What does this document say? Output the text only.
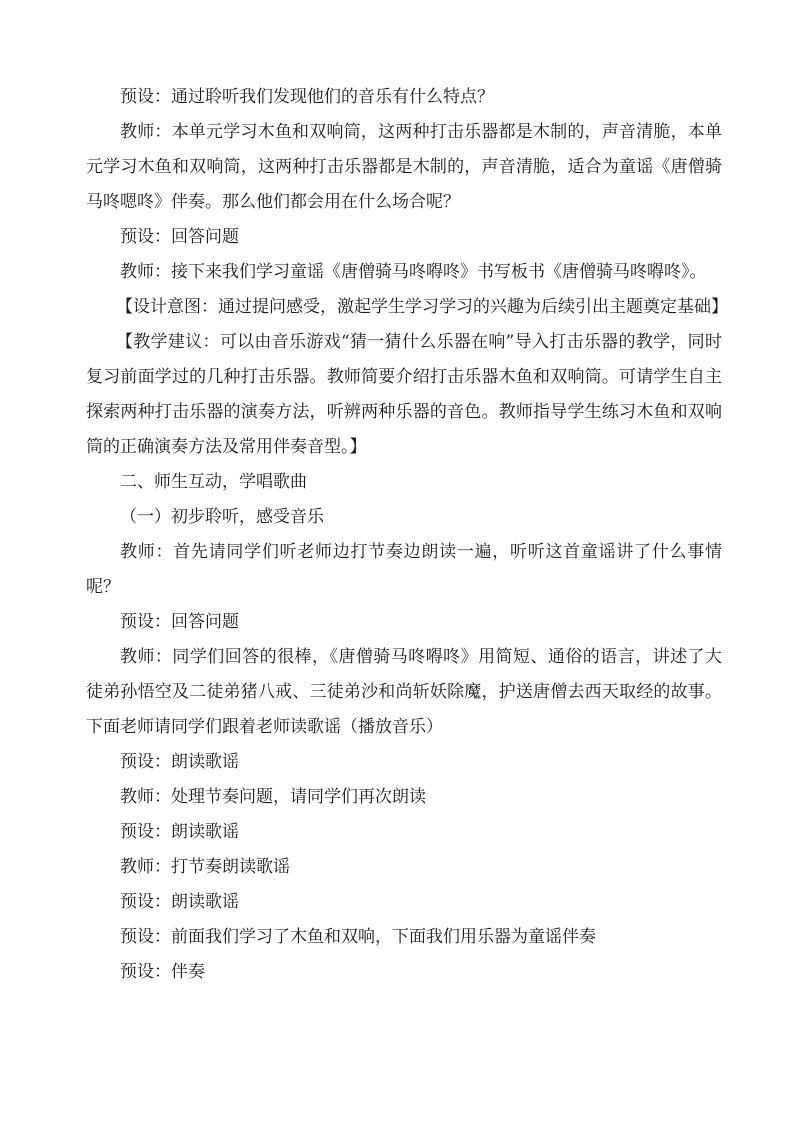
预设：通过聆听我们发现他们的音乐有什么特点？

教师：本单元学习木鱼和双响筒，这两种打击乐器都是木制的，声音清脆，本单元学习木鱼和双响筒，这两种打击乐器都是木制的，声音清脆，适合为童谣《唐僧骑马咚嗯咚》伴奏。那么他们都会用在什么场合呢？

预设：回答问题

教师：接下来我们学习童谣《唐僧骑马咚嘚咚》书写板书《唐僧骑马咚嘚咚》。

【设计意图：通过提问感受，激起学生学习学习的兴趣为后续引出主题奠定基础】

【教学建议：可以由音乐游戏“猜一猜什么乐器在响”导入打击乐器的教学，同时复习前面学过的几种打击乐器。教师简要介绍打击乐器木鱼和双响筒。可请学生自主探索两种打击乐器的演奏方法，听辨两种乐器的音色。教师指导学生练习木鱼和双响筒的正确演奏方法及常用伴奏音型。】

二、师生互动，学唱歌曲

（一）初步聆听，感受音乐

教师：首先请同学们听老师边打节奏边朗读一遍，听听这首童谣讲了什么事情呢？

预设：回答问题

教师：同学们回答的很棒，《唐僧骑马咚嘚咚》用简短、通俗的语言，讲述了大徒弟孙悟空及二徒弟猪八戒、三徒弟沙和尚斩妖除魔，护送唐僧去西天取经的故事。下面老师请同学们跟着老师读歌谣（播放音乐）

预设：朗读歌谣

教师：处理节奏问题，请同学们再次朗读

预设：朗读歌谣

教师：打节奏朗读歌谣

预设：朗读歌谣

预设：前面我们学习了木鱼和双响，下面我们用乐器为童谣伴奏

预设：伴奏
